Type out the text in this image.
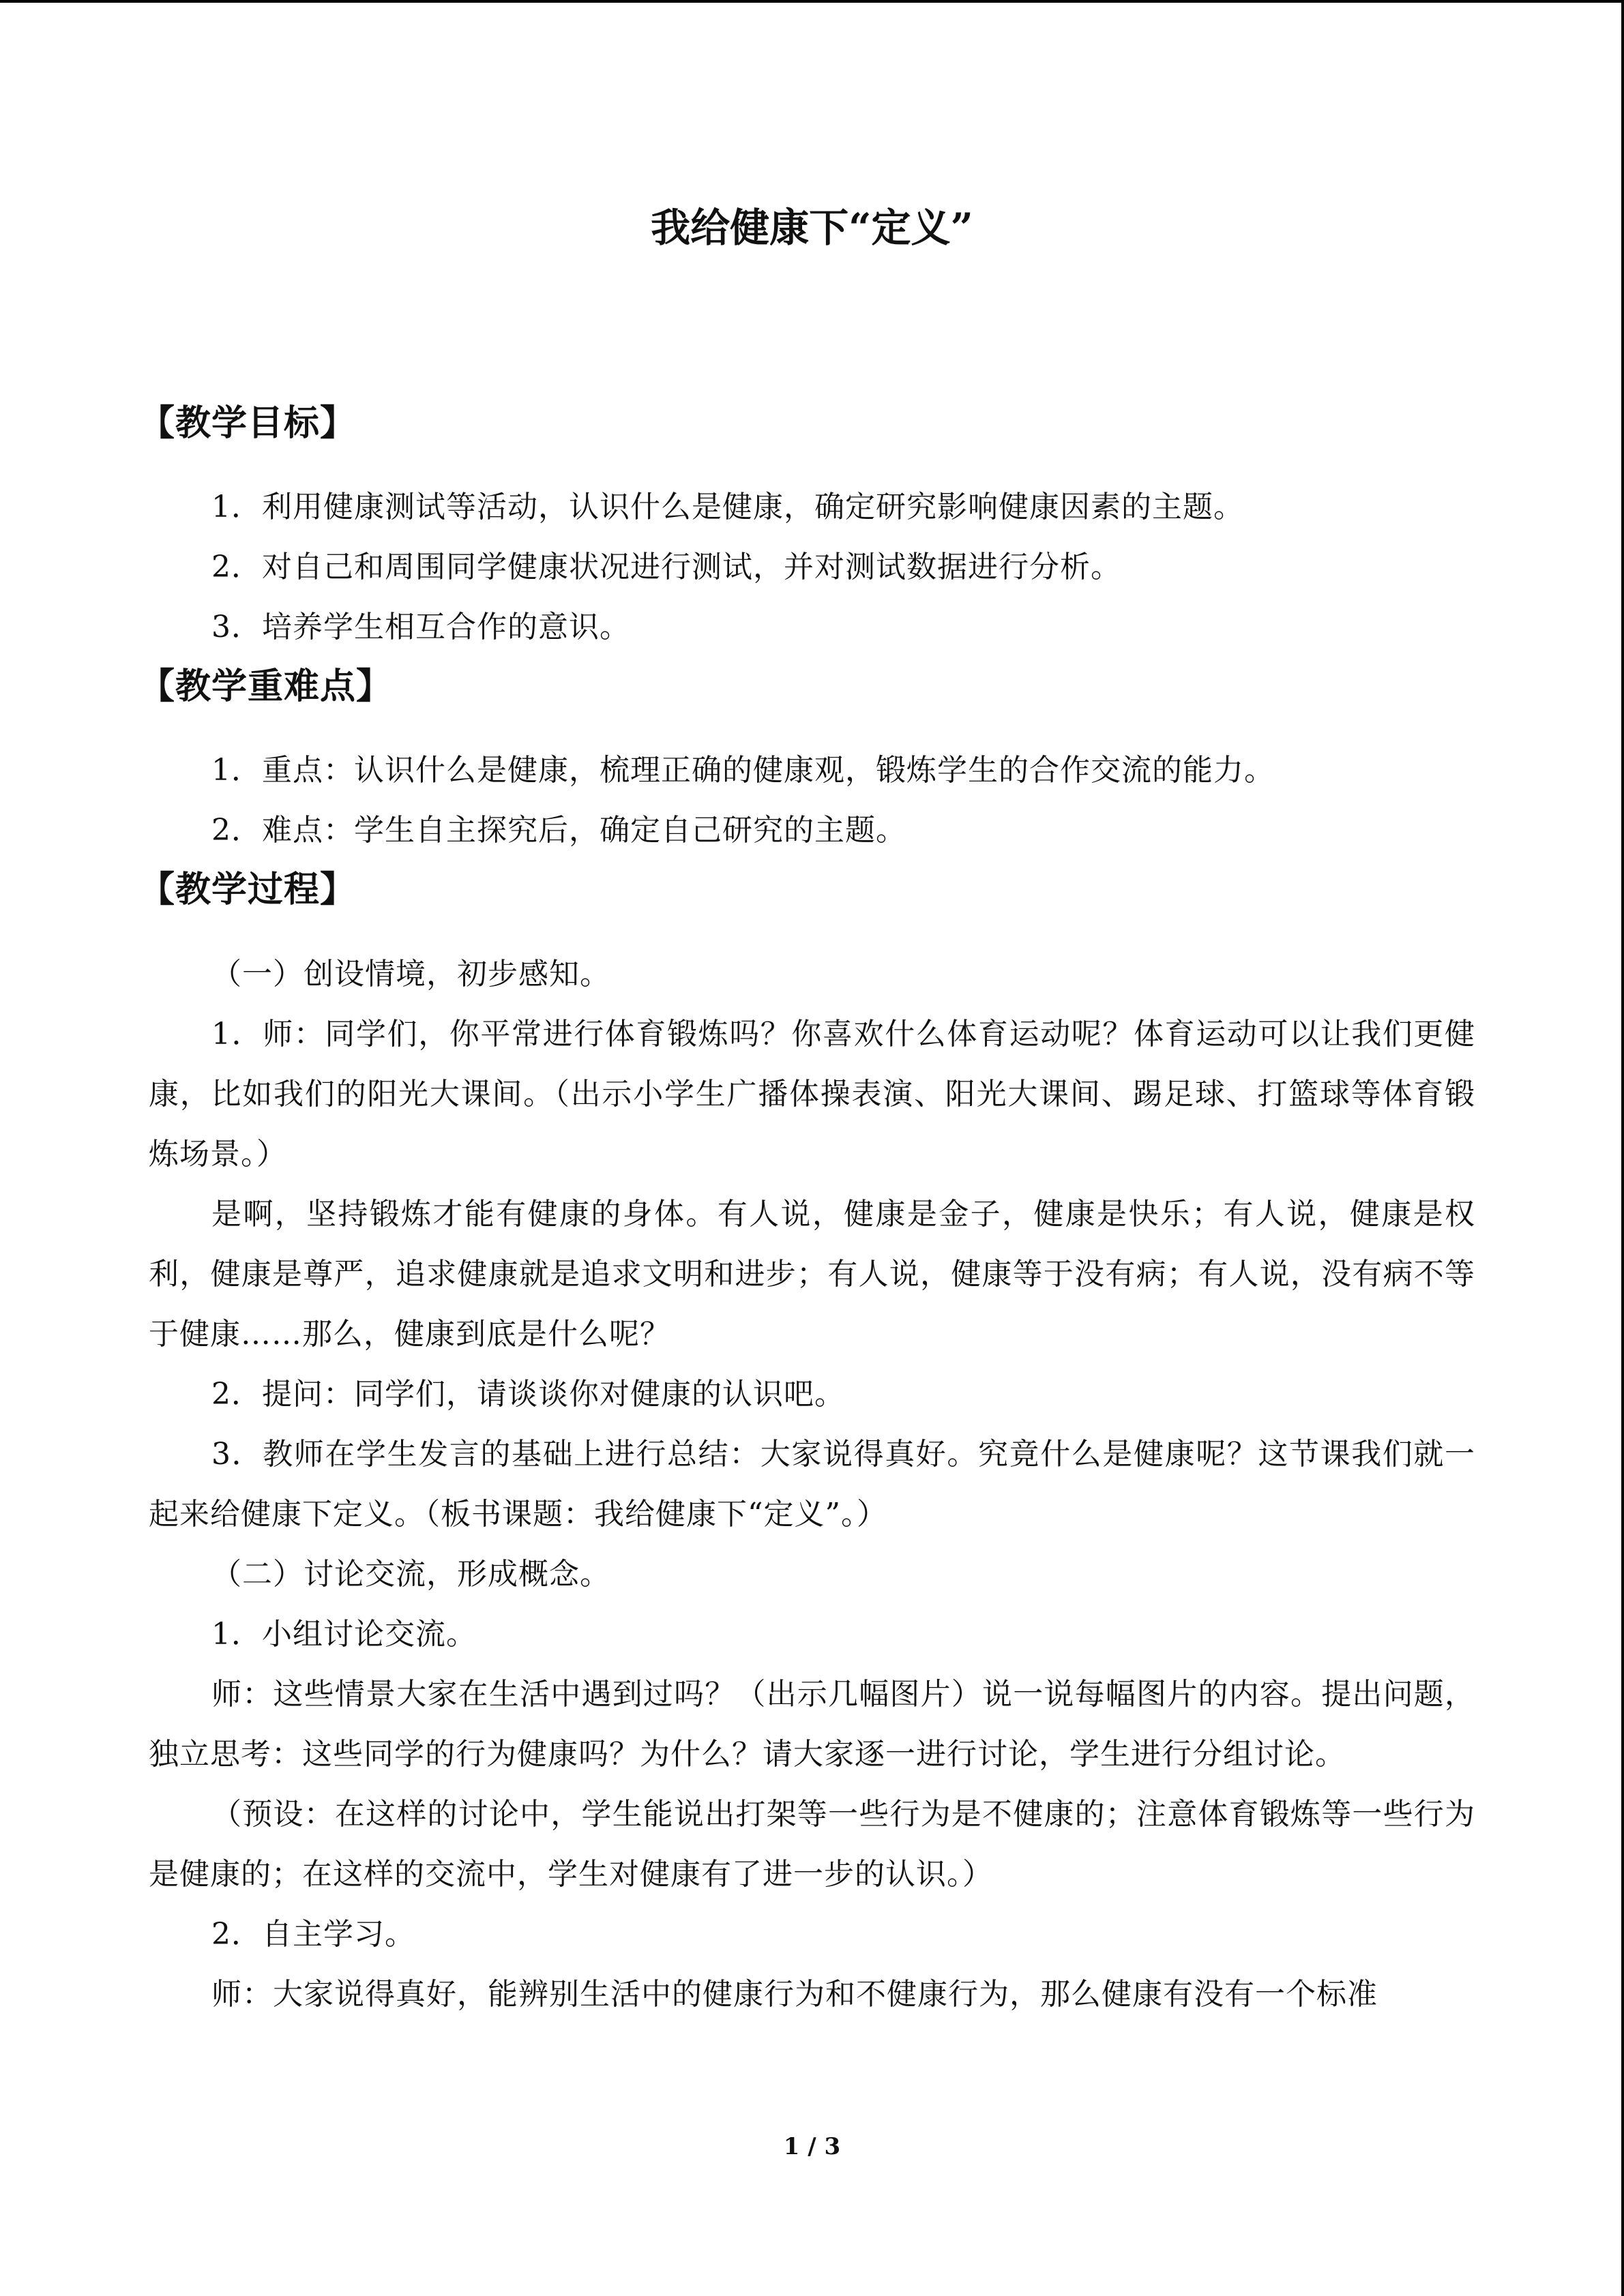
我给健康下“定义”
【教学目标】

1．利用健康测试等活动，认识什么是健康，确定研究影响健康因素的主题。

2．对自己和周围同学健康状况进行测试，并对测试数据进行分析。

3．培养学生相互合作的意识。

【教学重难点】

1．重点：认识什么是健康，梳理正确的健康观，锻炼学生的合作交流的能力。

2．难点：学生自主探究后，确定自己研究的主题。

【教学过程】

（一）创设情境，初步感知。

1．师：同学们，你平常进行体育锻炼吗？你喜欢什么体育运动呢？体育运动可以让我们更健康，比如我们的阳光大课间。（出示小学生广播体操表演、阳光大课间、踢足球、打篮球等体育锻炼场景。）

是啊，坚持锻炼才能有健康的身体。有人说，健康是金子，健康是快乐；有人说，健康是权利，健康是尊严，追求健康就是追求文明和进步；有人说，健康等于没有病；有人说，没有病不等于健康……那么，健康到底是什么呢？

2．提问：同学们，请谈谈你对健康的认识吧。

3．教师在学生发言的基础上进行总结：大家说得真好。究竟什么是健康呢？这节课我们就一起来给健康下定义。（板书课题：我给健康下“定义”。）

（二）讨论交流，形成概念。

1．小组讨论交流。

师：这些情景大家在生活中遇到过吗？（出示几幅图片）说一说每幅图片的内容。提出问题，独立思考：这些同学的行为健康吗？为什么？请大家逐一进行讨论，学生进行分组讨论。

（预设：在这样的讨论中，学生能说出打架等一些行为是不健康的；注意体育锻炼等一些行为是健康的；在这样的交流中，学生对健康有了进一步的认识。）

2．自主学习。

师：大家说得真好，能辨别生活中的健康行为和不健康行为，那么健康有没有一个标准

1 / 3
